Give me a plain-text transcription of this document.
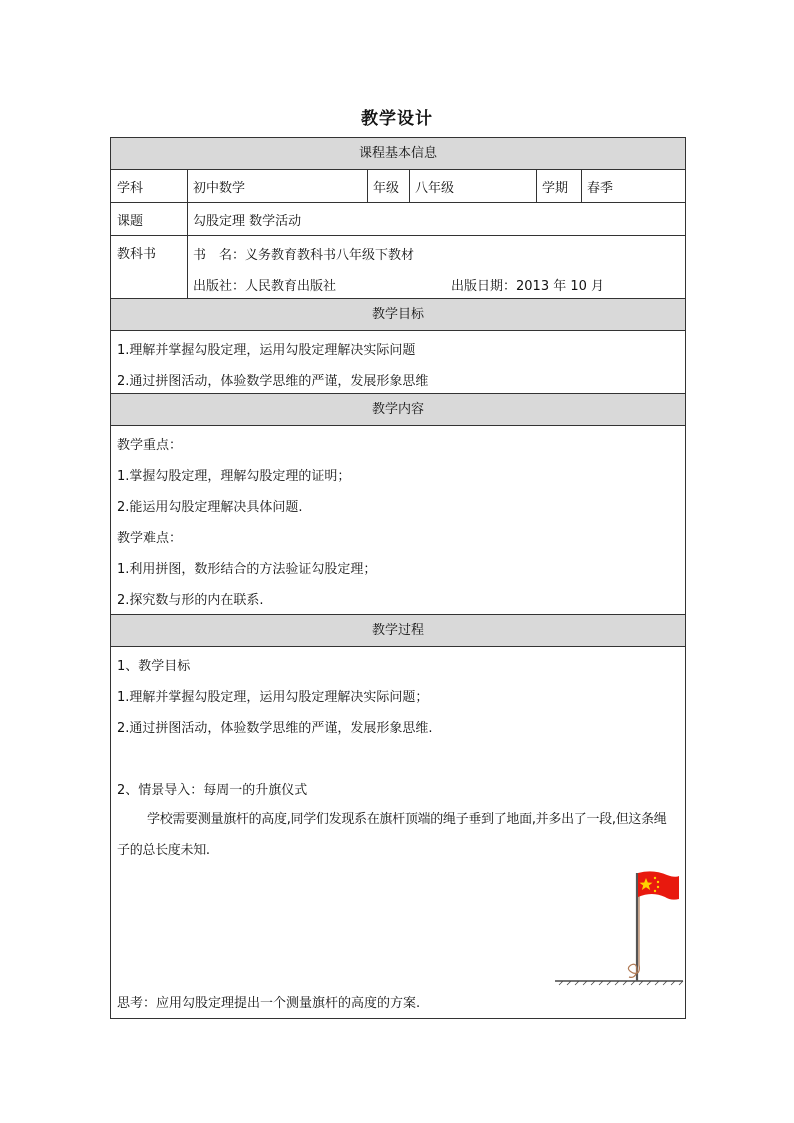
教学设计
课程基本信息
学科	初中数学	年级	八年级	学期	春季
课题	勾股定理 数学活动
教科书	书　名：义务教育教科书八年级下教材
出版社：人民教育出版社	出版日期：2013 年 10 月
教学目标
1.理解并掌握勾股定理，运用勾股定理解决实际问题
2.通过拼图活动，体验数学思维的严谨，发展形象思维
教学内容
教学重点：
1.掌握勾股定理，理解勾股定理的证明；
2.能运用勾股定理解决具体问题.
教学难点：
1.利用拼图，数形结合的方法验证勾股定理；
2.探究数与形的内在联系.
教学过程
1、教学目标
1.理解并掌握勾股定理，运用勾股定理解决实际问题；
2.通过拼图活动，体验数学思维的严谨，发展形象思维.
2、情景导入：每周一的升旗仪式
学校需要测量旗杆的高度,同学们发现系在旗杆顶端的绳子垂到了地面,并多出了一段,但这条绳子的总长度未知.
思考：应用勾股定理提出一个测量旗杆的高度的方案.
